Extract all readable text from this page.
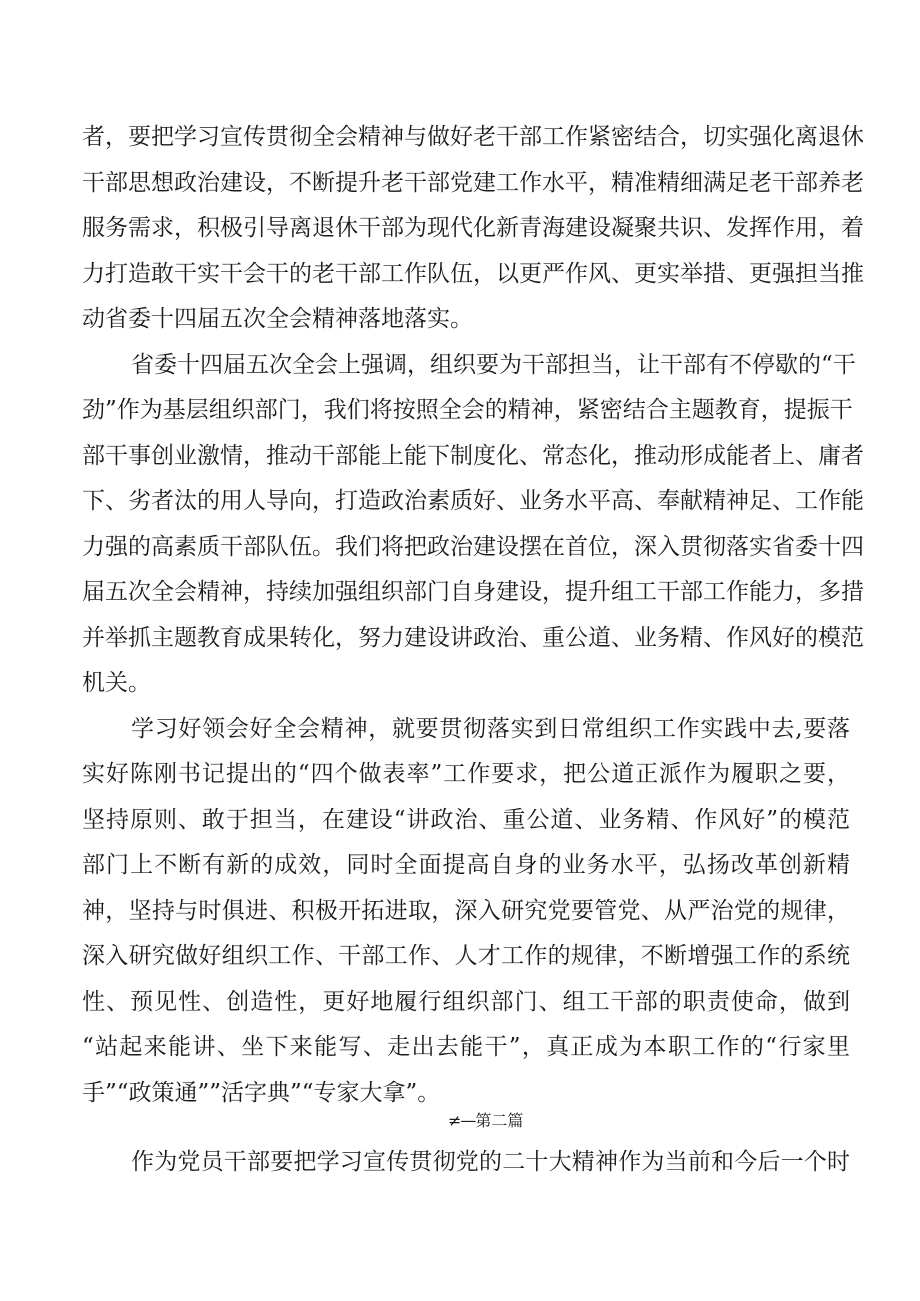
者，要把学习宣传贯彻全会精神与做好老干部工作紧密结合，切实强化离退休
干部思想政治建设，不断提升老干部党建工作水平，精准精细满足老干部养老
服务需求，积极引导离退休干部为现代化新青海建设凝聚共识、发挥作用，着
力打造敢干实干会干的老干部工作队伍，以更严作风、更实举措、更强担当推
动省委十四届五次全会精神落地落实。
省委十四届五次全会上强调，组织要为干部担当，让干部有不停歇的“干
劲”作为基层组织部门，我们将按照全会的精神，紧密结合主题教育，提振干
部干事创业激情，推动干部能上能下制度化、常态化，推动形成能者上、庸者
下、劣者汰的用人导向，打造政治素质好、业务水平高、奉献精神足、工作能
力强的高素质干部队伍。我们将把政治建设摆在首位，深入贯彻落实省委十四
届五次全会精神，持续加强组织部门自身建设，提升组工干部工作能力，多措
并举抓主题教育成果转化，努力建设讲政治、重公道、业务精、作风好的模范
机关。
学习好领会好全会精神，就要贯彻落实到日常组织工作实践中去,要落
实好陈刚书记提出的“四个做表率”工作要求，把公道正派作为履职之要，
坚持原则、敢于担当，在建设“讲政治、重公道、业务精、作风好”的模范
部门上不断有新的成效，同时全面提高自身的业务水平，弘扬改革创新精
神，坚持与时俱进、积极开拓进取，深入研究党要管党、从严治党的规律，
深入研究做好组织工作、干部工作、人才工作的规律，不断增强工作的系统
性、预见性、创造性，更好地履行组织部门、组工干部的职责使命，做到
“站起来能讲、坐下来能写、走出去能干”，真正成为本职工作的“行家里
手”“政策通””活字典”“专家大拿”。
≠—第二篇
作为党员干部要把学习宣传贯彻党的二十大精神作为当前和今后一个时
